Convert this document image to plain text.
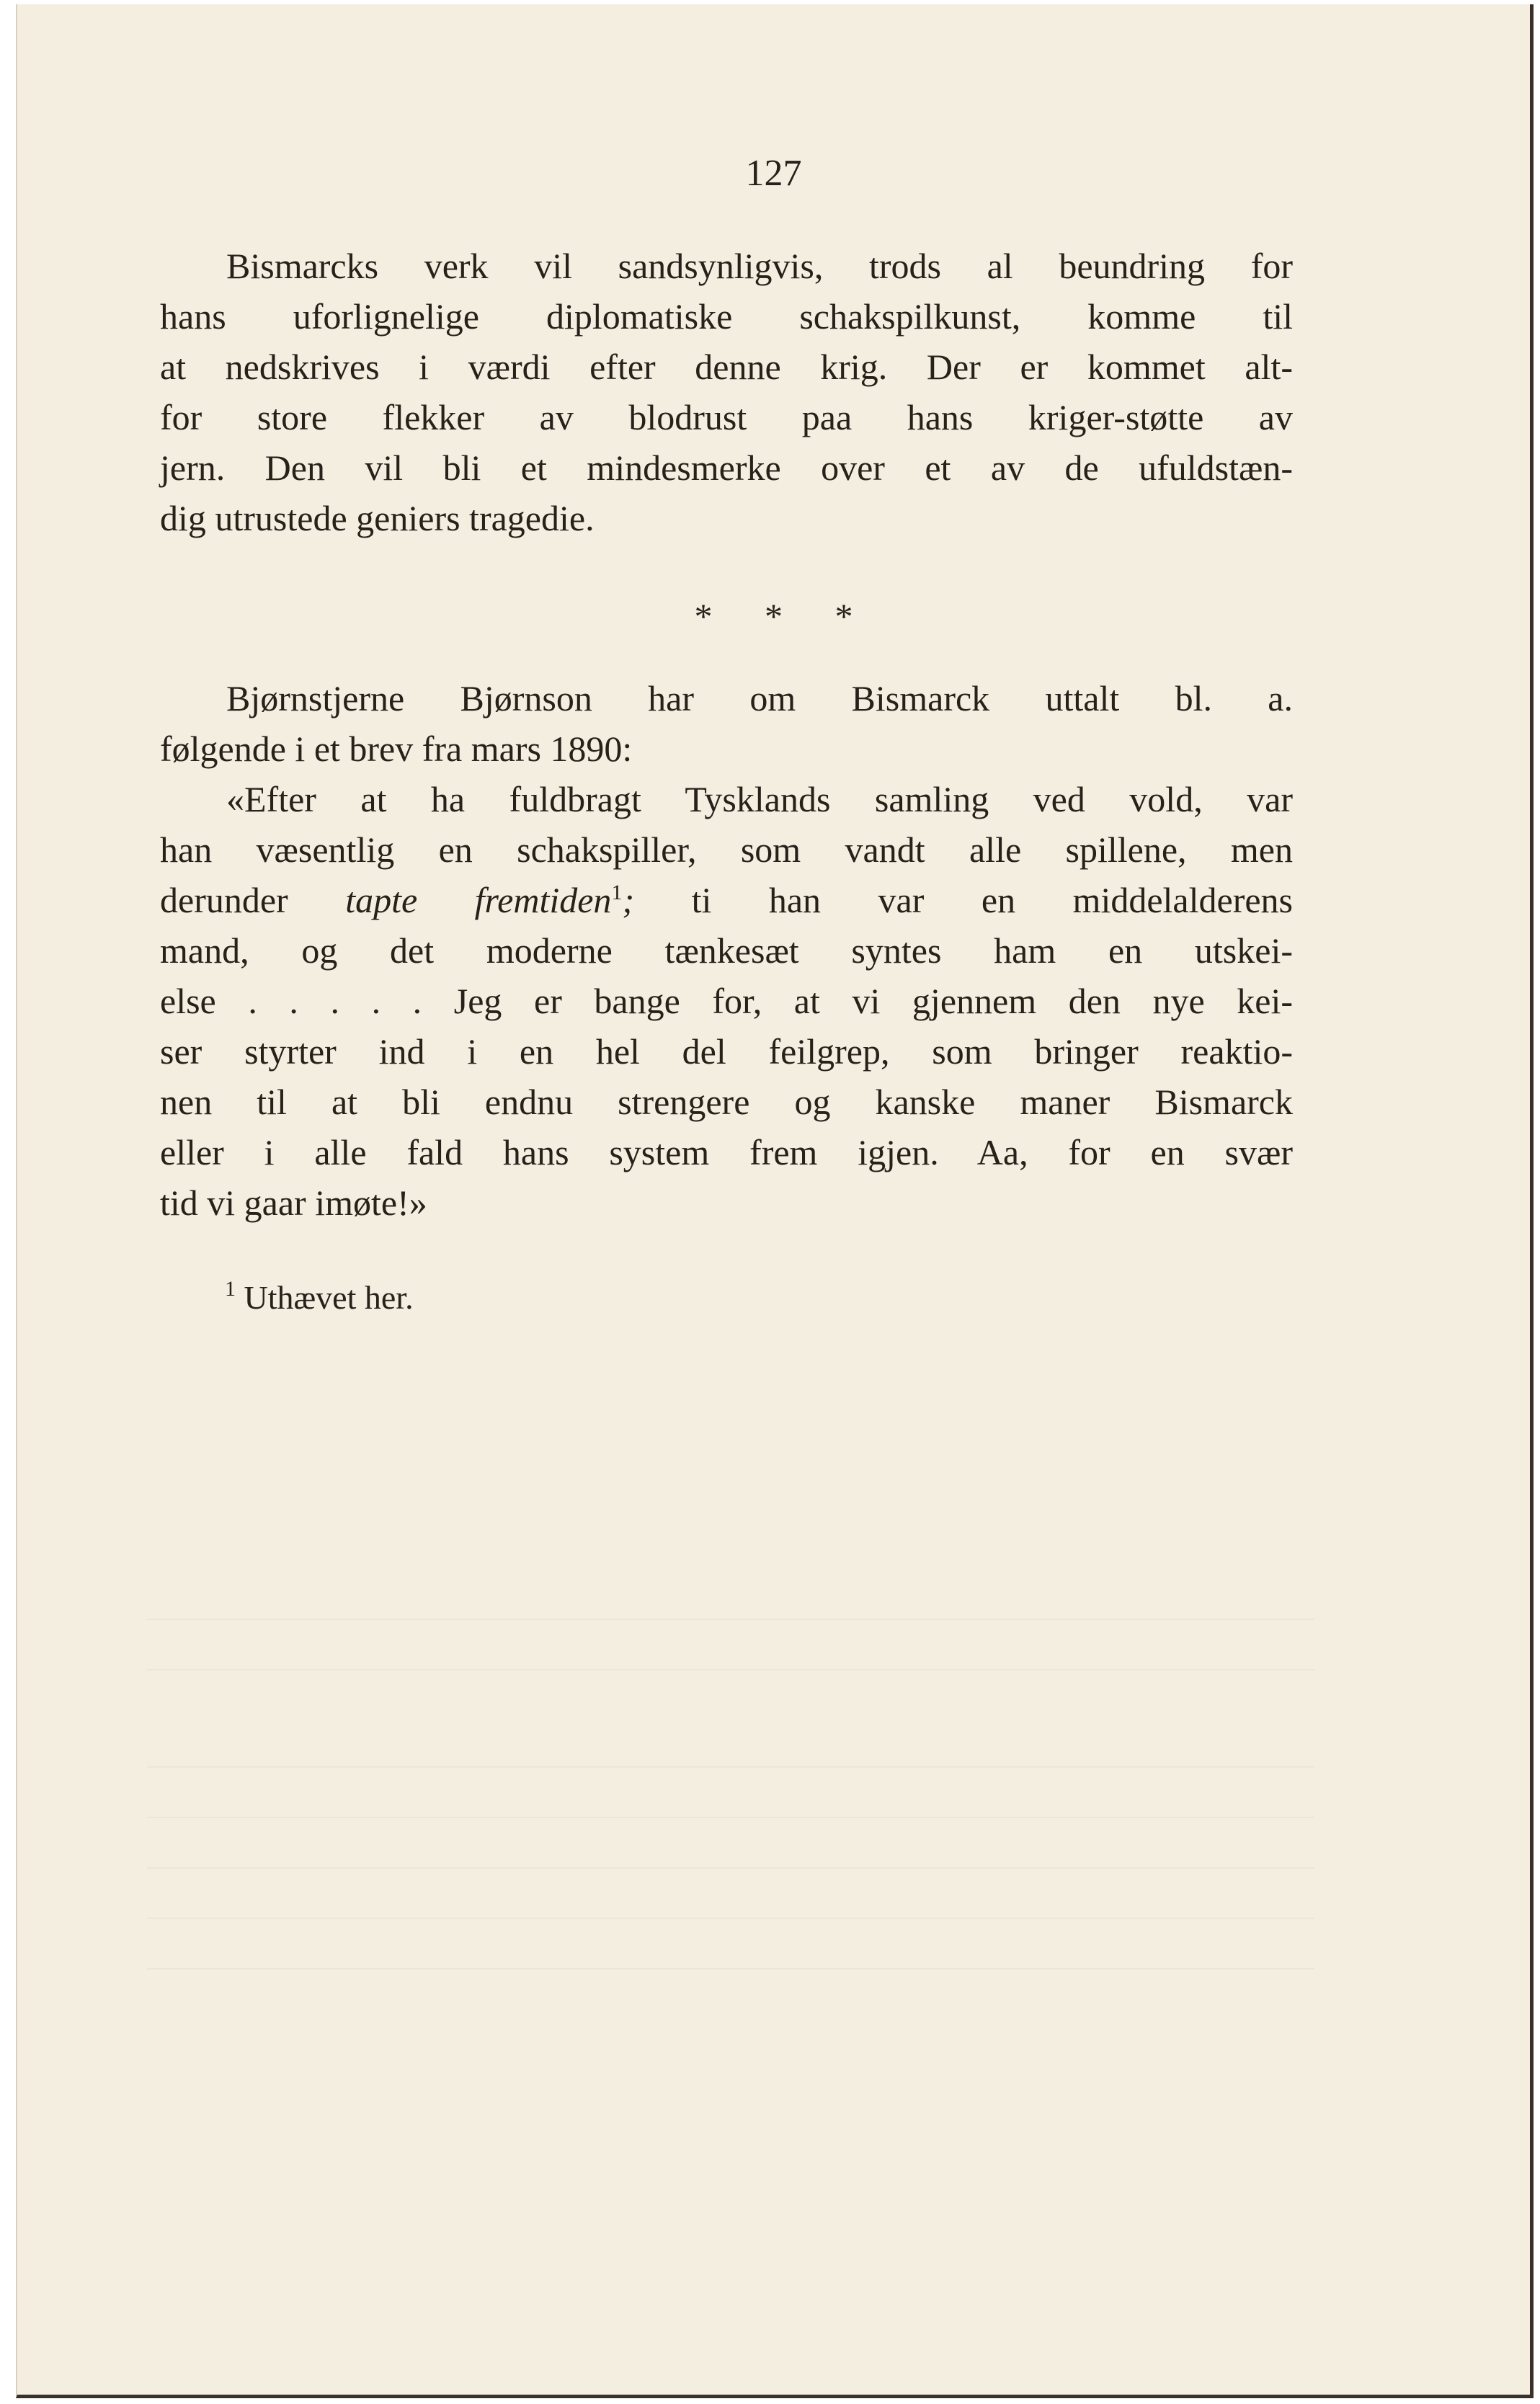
127
Bismarcks verk vil sandsynligvis, trods al beundring for
hans uforlignelige diplomatiske schakspilkunst, komme til
at nedskrives i værdi efter denne krig. Der er kommet alt-
for store flekker av blodrust paa hans kriger-støtte av
jern. Den vil bli et mindesmerke over et av de ufuldstæn-
dig utrustede geniers tragedie.
* * *
Bjørnstjerne Bjørnson har om Bismarck uttalt bl. a.
følgende i et brev fra mars 1890:
«Efter at ha fuldbragt Tysklands samling ved vold, var
han væsentlig en schakspiller, som vandt alle spillene, men
derunder tapte fremtiden$^1$; ti han var en middelalderens
mand, og det moderne tænkesæt syntes ham en utskei-
else . . . . . Jeg er bange for, at vi gjennem den nye kei-
ser styrter ind i en hel del feilgrep, som bringer reaktio-
nen til at bli endnu strengere og kanske maner Bismarck
eller i alle fald hans system frem igjen. Aa, for en svær
tid vi gaar imøte!»
$^1$ Uthævet her.
